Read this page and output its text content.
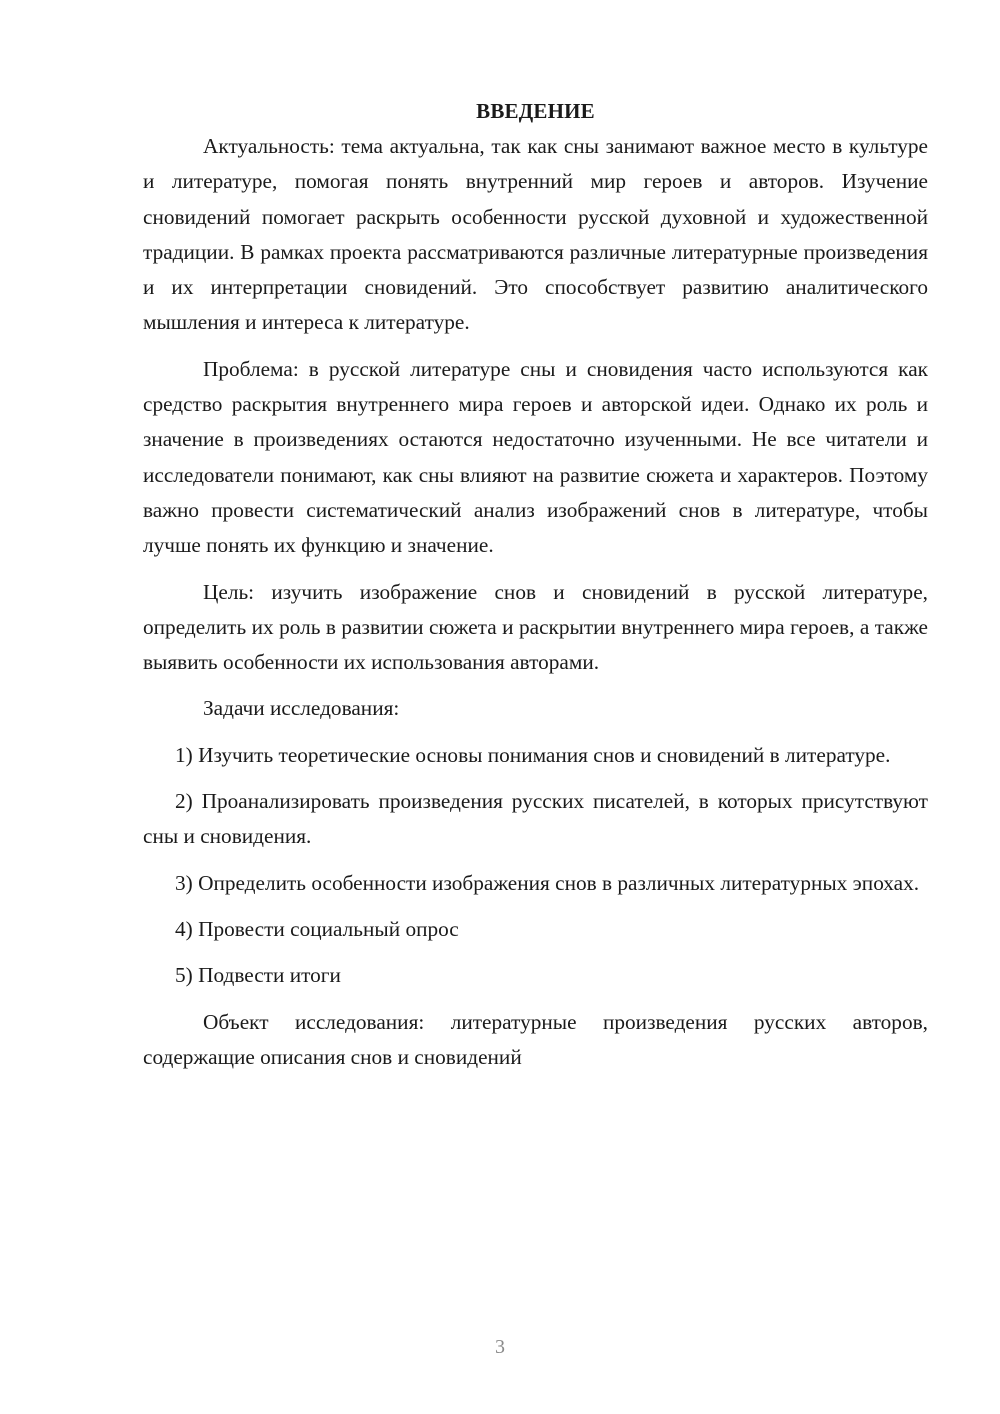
ВВЕДЕНИЕ

Актуальность: тема актуальна, так как сны занимают важное место в культуре и литературе, помогая понять внутренний мир героев и авторов. Изучение сновидений помогает раскрыть особенности русской духовной и художественной традиции. В рамках проекта рассматриваются различные литературные произведения и их интерпретации сновидений. Это способствует развитию аналитического мышления и интереса к литературе.

Проблема: в русской литературе сны и сновидения часто используются как средство раскрытия внутреннего мира героев и авторской идеи. Однако их роль и значение в произведениях остаются недостаточно изученными. Не все читатели и исследователи понимают, как сны влияют на развитие сюжета и характеров. Поэтому важно провести систематический анализ изображений снов в литературе, чтобы лучше понять их функцию и значение.

Цель: изучить изображение снов и сновидений в русской литературе, определить их роль в развитии сюжета и раскрытии внутреннего мира героев, а также выявить особенности их использования авторами.

Задачи исследования:

1) Изучить теоретические основы понимания снов и сновидений в литературе.

2) Проанализировать произведения русских писателей, в которых присутствуют сны и сновидения.

3) Определить особенности изображения снов в различных литературных эпохах.

4) Провести социальный опрос

5) Подвести итоги

Объект исследования: литературные произведения русских авторов, содержащие описания снов и сновидений

3
